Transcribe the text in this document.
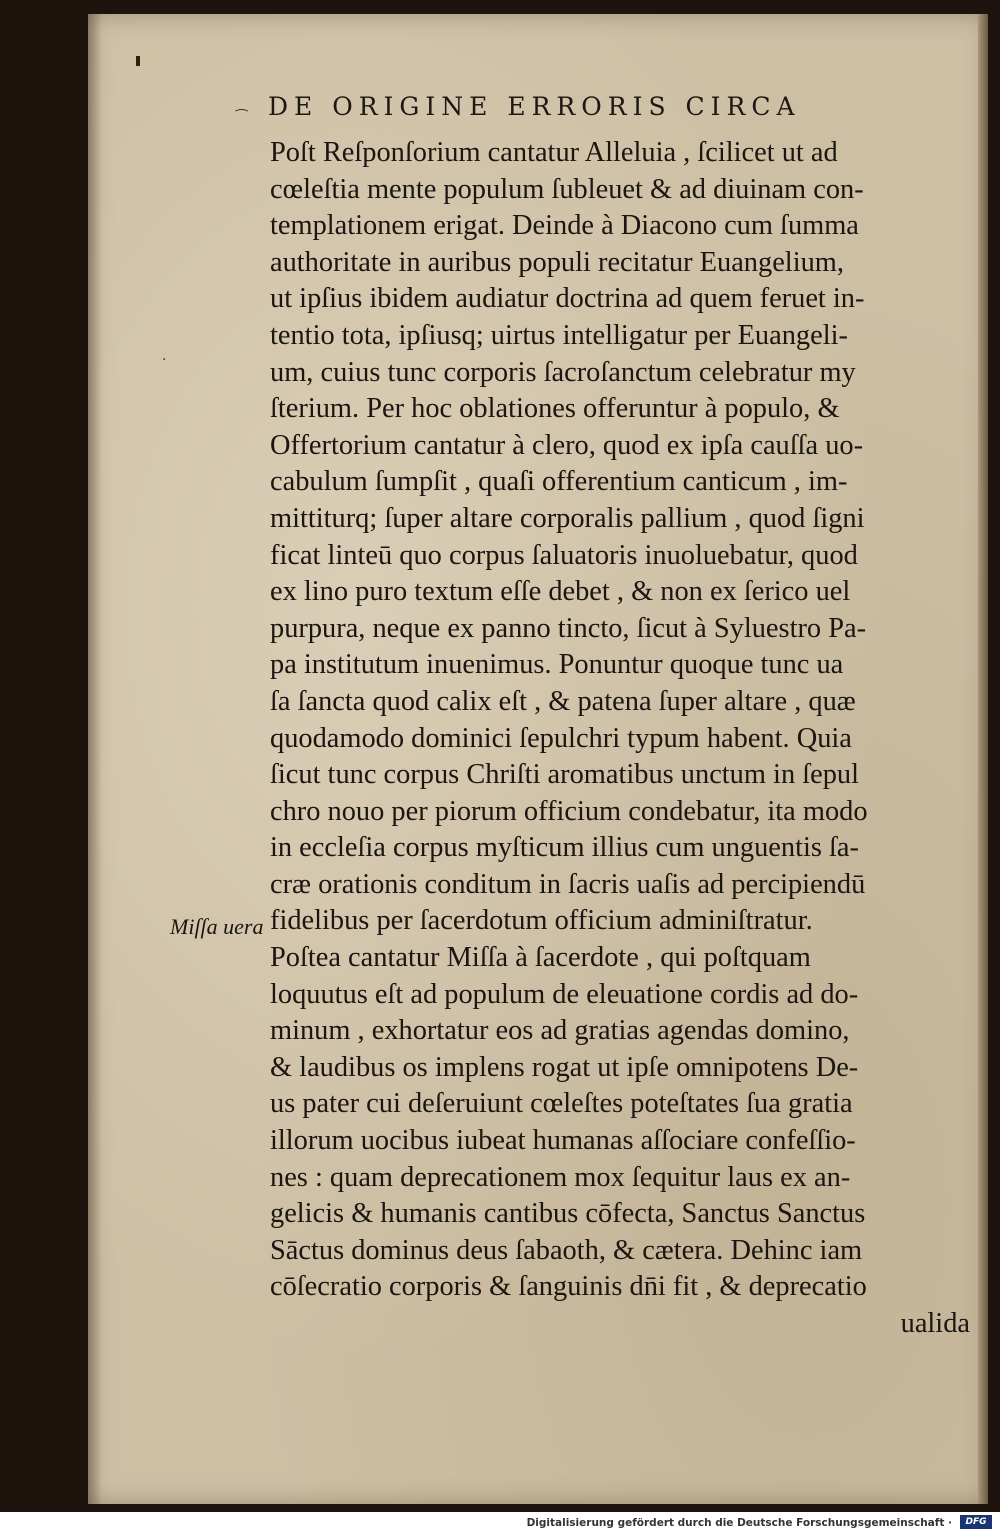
·
⁔ DE ORIGINE ERRORIS CIRCA
Miſſa uera
Poſt Reſponſorium cantatur Alleluia , ſcilicet ut ad
cœleſtia mente populum ſubleuet & ad diuinam con-
templationem erigat. Deinde à Diacono cum ſumma
authoritate in auribus populi recitatur Euangelium,
ut ipſius ibidem audiatur doctrina ad quem feruet in-
tentio tota, ipſiusq; uirtus intelligatur per Euangeli-
um, cuius tunc corporis ſacroſanctum celebratur my
ſterium. Per hoc oblationes offeruntur à populo, &
Offertorium cantatur à clero, quod ex ipſa cauſſa uo-
cabulum ſumpſit , quaſi offerentium canticum , im-
mittiturq; ſuper altare corporalis pallium , quod ſigni
ficat linteū quo corpus ſaluatoris inuoluebatur, quod
ex lino puro textum eſſe debet , & non ex ſerico uel
purpura, neque ex panno tincto, ſicut à Syluestro Pa-
pa institutum inuenimus. Ponuntur quoque tunc ua
ſa ſancta quod calix eſt , & patena ſuper altare , quæ
quodamodo dominici ſepulchri typum habent. Quia
ſicut tunc corpus Chriſti aromatibus unctum in ſepul
chro nouo per piorum officium condebatur, ita modo
in eccleſia corpus myſticum illius cum unguentis ſa-
cræ orationis conditum in ſacris uaſis ad percipiendū
fidelibus per ſacerdotum officium adminiſtratur.
Poſtea cantatur Miſſa à ſacerdote , qui poſtquam
loquutus eſt ad populum de eleuatione cordis ad do-
minum , exhortatur eos ad gratias agendas domino,
& laudibus os implens rogat ut ipſe omnipotens De-
us pater cui deſeruiunt cœleſtes poteſtates ſua gratia
illorum uocibus iubeat humanas aſſociare confeſſio-
nes : quam deprecationem mox ſequitur laus ex an-
gelicis & humanis cantibus cōfecta, Sanctus Sanctus
Sāctus dominus deus ſabaoth, & cætera. Dehinc iam
cōſecratio corporis & ſanguinis dn̄i fit , & deprecatio
ualida
Digitalisierung gefördert durch die Deutsche Forschungsgemeinschaft ·	DFG
